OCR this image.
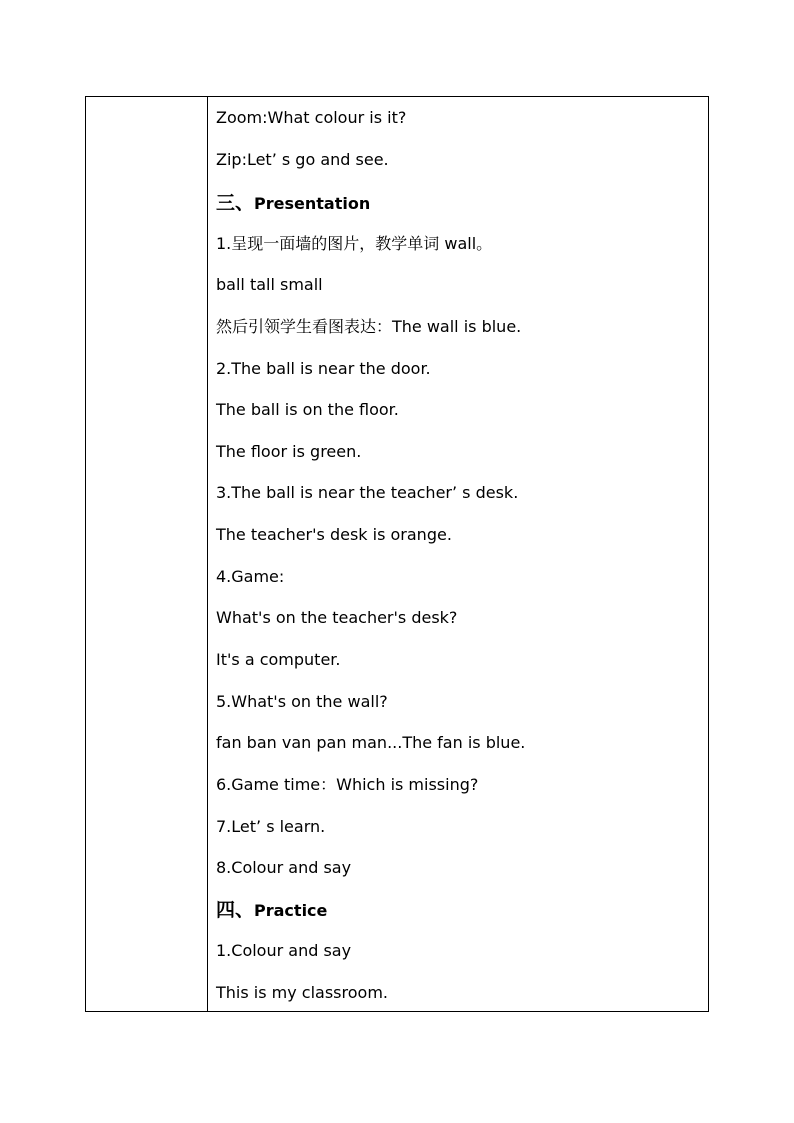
Zoom:What colour is it?
Zip:Let’ s go and see.
三、Presentation
1.呈现一面墙的图片，教学单词 wall。
ball tall small
然后引领学生看图表达：The wall is blue.
2.The ball is near the door.
The ball is on the floor.
The floor is green.
3.The ball is near the teacher’ s desk.
The teacher's desk is orange.
4.Game:
What's on the teacher's desk?
It's a computer.
5.What's on the wall?
fan ban van pan man...The fan is blue.
6.Game time：Which is missing?
7.Let’ s learn.
8.Colour and say
四、Practice
1.Colour and say
This is my classroom.
